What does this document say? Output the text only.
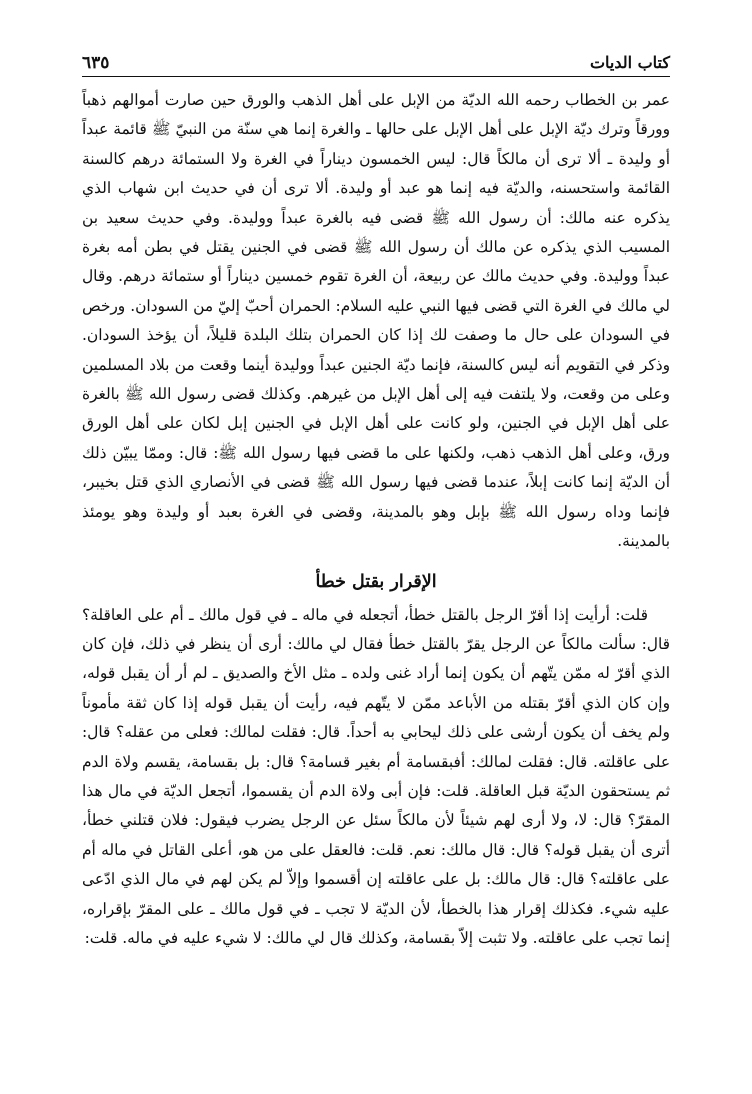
كتاب الديات
٦٣٥

عمر بن الخطاب رحمه الله الديّة من الإبل على أهل الذهب والورق حين صارت أموالهم ذهباً وورقاً وترك ديّة الإبل على أهل الإبل على حالها ـ والغرة إنما هي سنّة من النبيّ ﷺ قائمة عبداً أو وليدة ـ ألا ترى أن مالكاً قال: ليس الخمسون ديناراً في الغرة ولا الستمائة درهم كالسنة القائمة واستحسنه، والديّة فيه إنما هو عبد أو وليدة. ألا ترى أن في حديث ابن شهاب الذي يذكره عنه مالك: أن رسول الله ﷺ قضى فيه بالغرة عبداً ووليدة. وفي حديث سعيد بن المسيب الذي يذكره عن مالك أن رسول الله ﷺ قضى في الجنين يقتل في بطن أمه بغرة عبداً ووليدة. وفي حديث مالك عن ربيعة، أن الغرة تقوم خمسين ديناراً أو ستمائة درهم. وقال لي مالك في الغرة التي قضى فيها النبي عليه السلام: الحمران أحبّ إليّ من السودان. ورخص في السودان على حال ما وصفت لك إذا كان الحمران بتلك البلدة قليلاً، أن يؤخذ السودان. وذكر في التقويم أنه ليس كالسنة، فإنما ديّة الجنين عبداً ووليدة أينما وقعت من بلاد المسلمين وعلى من وقعت، ولا يلتفت فيه إلى أهل الإبل من غيرهم. وكذلك قضى رسول الله ﷺ بالغرة على أهل الإبل في الجنين، ولو كانت على أهل الإبل في الجنين إبل لكان على أهل الورق ورق، وعلى أهل الذهب ذهب، ولكنها على ما قضى فيها رسول الله ﷺ: قال: وممّا يبيّن ذلك أن الديّة إنما كانت إبلاً، عندما قضى فيها رسول الله ﷺ قضى في الأنصاري الذي قتل بخيبر، فإنما وداه رسول الله ﷺ بإبل وهو بالمدينة، وقضى في الغرة بعبد أو وليدة وهو يومئذ بالمدينة.

الإقرار بقتل خطأ

قلت: أرأيت إذا أقرّ الرجل بالقتل خطأ، أتجعله في ماله ـ في قول مالك ـ أم على العاقلة؟ قال: سألت مالكاً عن الرجل يقرّ بالقتل خطأ فقال لي مالك: أرى أن ينظر في ذلك، فإن كان الذي أقرّ له ممّن يتّهم أن يكون إنما أراد غنى ولده ـ مثل الأخ والصديق ـ لم أر أن يقبل قوله، وإن كان الذي أقرّ بقتله من الأباعد ممّن لا يتّهم فيه، رأيت أن يقبل قوله إذا كان ثقة مأموناً ولم يخف أن يكون أرشى على ذلك ليحابي به أحداً. قال: فقلت لمالك: فعلى من عقله؟ قال: على عاقلته. قال: فقلت لمالك: أفبقسامة أم بغير قسامة؟ قال: بل بقسامة، يقسم ولاة الدم ثم يستحقون الديّة قبل العاقلة. قلت: فإن أبى ولاة الدم أن يقسموا، أتجعل الديّة في مال هذا المقرّ؟ قال: لا، ولا أرى لهم شيئاً لأن مالكاً سئل عن الرجل يضرب فيقول: فلان قتلني خطأ، أترى أن يقبل قوله؟ قال: قال مالك: نعم. قلت: فالعقل على من هو، أعلى القاتل في ماله أم على عاقلته؟ قال: قال مالك: بل على عاقلته إن أقسموا وإلاّ لم يكن لهم في مال الذي ادّعى عليه شيء. فكذلك إقرار هذا بالخطأ، لأن الديّة لا تجب ـ في قول مالك ـ على المقرّ بإقراره، إنما تجب على عاقلته. ولا تثبت إلاّ بقسامة، وكذلك قال لي مالك: لا شيء عليه في ماله. قلت:
